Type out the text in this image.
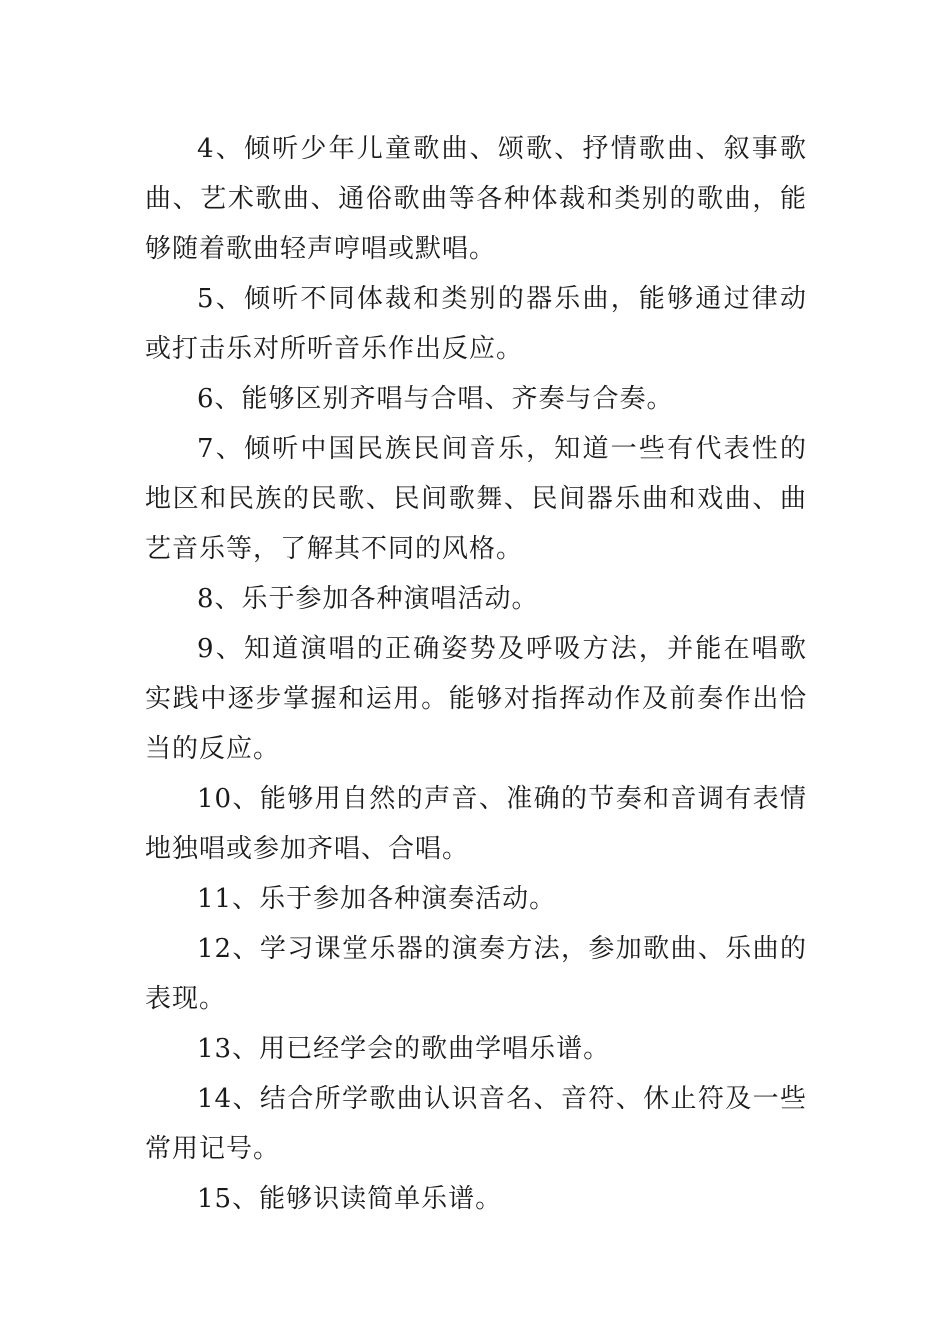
4、倾听少年儿童歌曲、颂歌、抒情歌曲、叙事歌曲、艺术歌曲、通俗歌曲等各种体裁和类别的歌曲，能够随着歌曲轻声哼唱或默唱。

5、倾听不同体裁和类别的器乐曲，能够通过律动或打击乐对所听音乐作出反应。

6、能够区别齐唱与合唱、齐奏与合奏。

7、倾听中国民族民间音乐，知道一些有代表性的地区和民族的民歌、民间歌舞、民间器乐曲和戏曲、曲艺音乐等，了解其不同的风格。

8、乐于参加各种演唱活动。

9、知道演唱的正确姿势及呼吸方法，并能在唱歌实践中逐步掌握和运用。能够对指挥动作及前奏作出恰当的反应。

10、能够用自然的声音、准确的节奏和音调有表情地独唱或参加齐唱、合唱。

11、乐于参加各种演奏活动。

12、学习课堂乐器的演奏方法，参加歌曲、乐曲的表现。

13、用已经学会的歌曲学唱乐谱。

14、结合所学歌曲认识音名、音符、休止符及一些常用记号。

15、能够识读简单乐谱。
